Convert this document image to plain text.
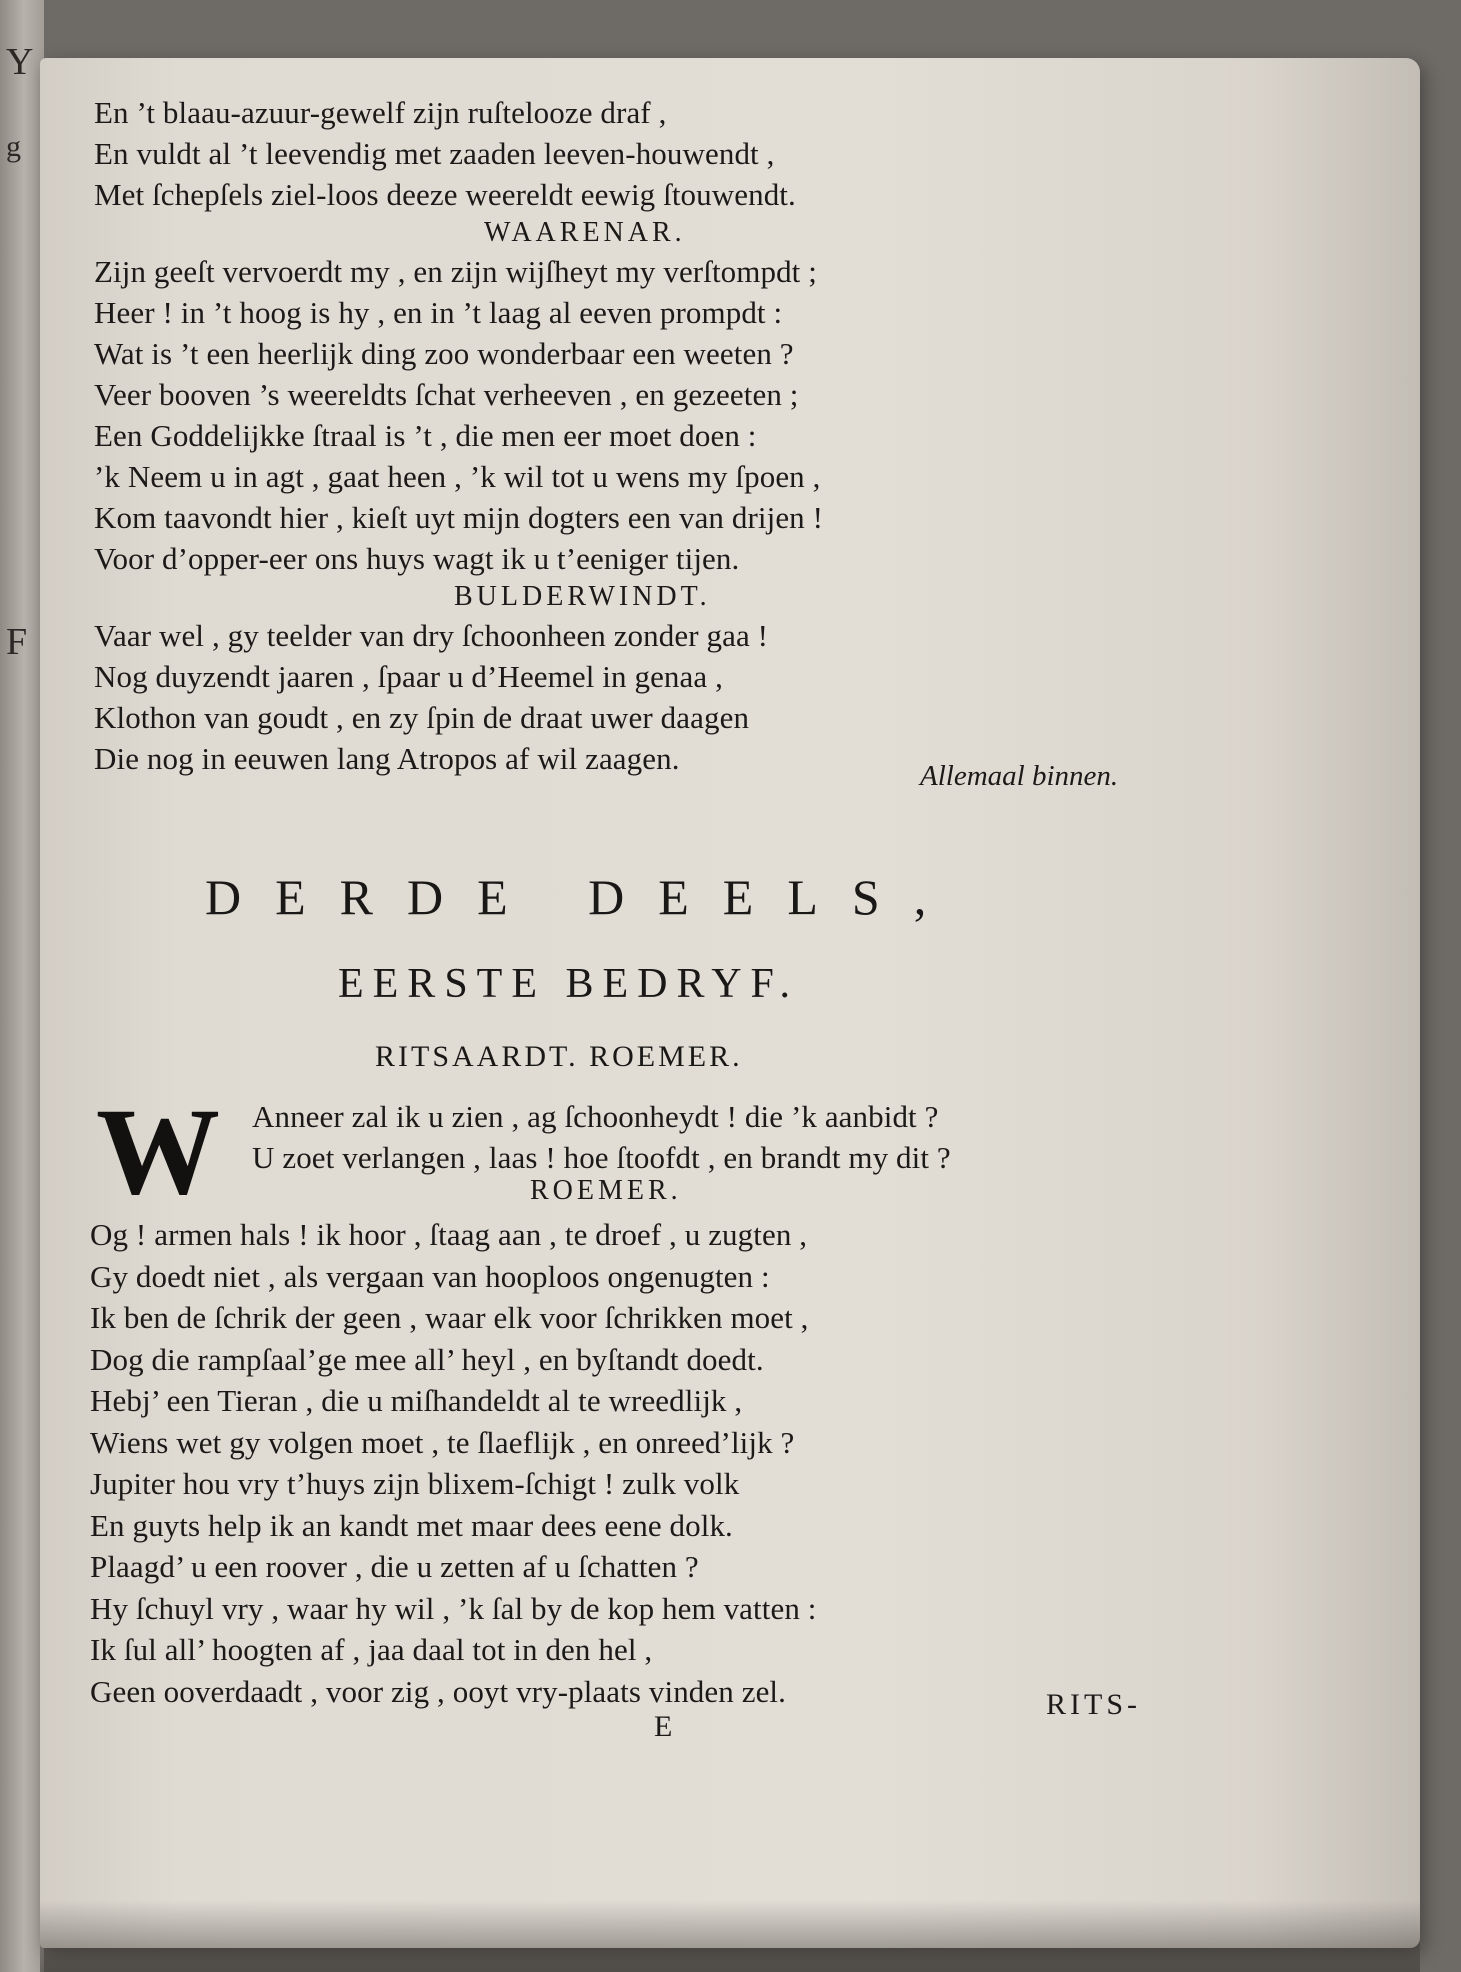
Y
g
F
En ’t blaau-azuur-gewelf zijn ruſtelooze draf ,
En vuldt al ’t leevendig met zaaden leeven-houwendt ,
Met ſchepſels ziel-loos deeze weereldt eewig ſtouwendt.
WAARENAR.
Zijn geeſt vervoerdt my , en zijn wijſheyt my verſtompdt ;
Heer ! in ’t hoog is hy , en in ’t laag al eeven prompdt :
Wat is ’t een heerlijk ding zoo wonderbaar een weeten ?
Veer booven ’s weereldts ſchat verheeven , en gezeeten ;
Een Goddelijkke ſtraal is ’t , die men eer moet doen :
’k Neem u in agt , gaat heen , ’k wil tot u wens my ſpoen ,
Kom taavondt hier , kieſt uyt mijn dogters een van drijen !
Voor d’opper-eer ons huys wagt ik u t’eeniger tijen.
BULDERWINDT.
Vaar wel , gy teelder van dry ſchoonheen zonder gaa !
Nog duyzendt jaaren , ſpaar u d’Heemel in genaa ,
Klothon van goudt , en zy ſpin de draat uwer daagen
Die nog in eeuwen lang Atropos af wil zaagen.	Allemaal binnen.
DERDE DEELS,
EERSTE BEDRYF.
RITSAARDT. ROEMER.
W Anneer zal ik u zien , ag ſchoonheydt ! die ’k aanbidt ?
U zoet verlangen , laas ! hoe ſtoofdt , en brandt my dit ?
ROEMER.
Og ! armen hals ! ik hoor , ſtaag aan , te droef , u zugten ,
Gy doedt niet , als vergaan van hooploos ongenugten :
Ik ben de ſchrik der geen , waar elk voor ſchrikken moet ,
Dog die rampſaal’ge mee all’ heyl , en byſtandt doedt.
Hebj’ een Tieran , die u miſhandeldt al te wreedlijk ,
Wiens wet gy volgen moet , te ſlaeflijk , en onreed’lijk ?
Jupiter hou vry t’huys zijn blixem-ſchigt ! zulk volk
En guyts help ik an kandt met maar dees eene dolk.
Plaagd’ u een roover , die u zetten af u ſchatten ?
Hy ſchuyl vry , waar hy wil , ’k ſal by de kop hem vatten :
Ik ſul all’ hoogten af , jaa daal tot in den hel ,
Geen ooverdaadt , voor zig , ooyt vry-plaats vinden zel.
E
RITS-
